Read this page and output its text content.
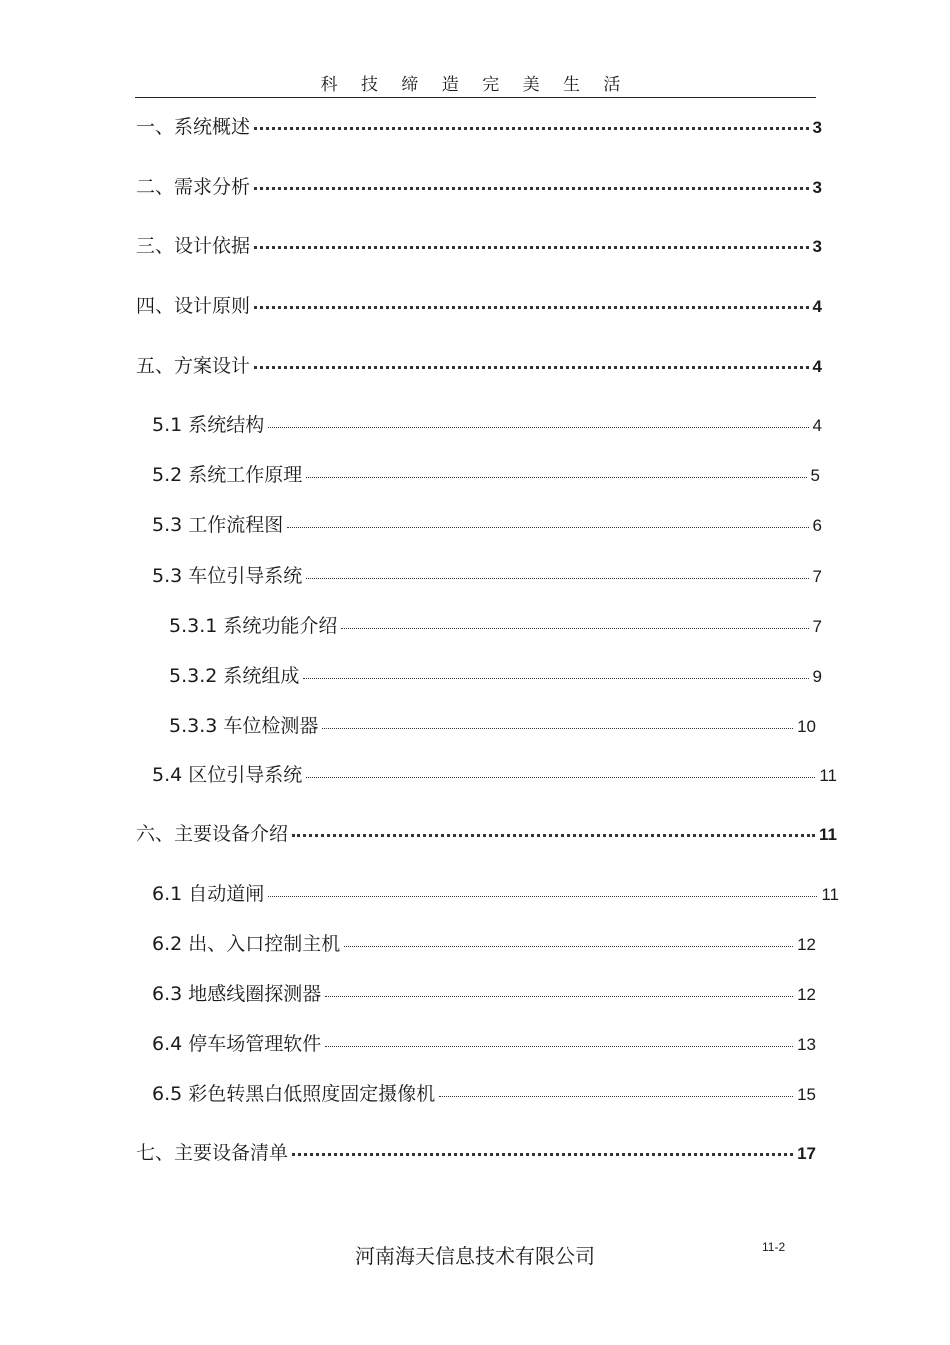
科 技 缔 造 完 美 生 活
一、系统概述	3
二、需求分析	3
三、设计依据	3
四、设计原则	4
五、方案设计	4
5.1 系统结构	4
5.2 系统工作原理	5
5.3 工作流程图	6
5.3 车位引导系统	7
5.3.1 系统功能介绍	7
5.3.2 系统组成	9
5.3.3 车位检测器	10
5.4 区位引导系统	11
六、主要设备介绍	11
6.1 自动道闸	11
6.2 出、入口控制主机	12
6.3 地感线圈探测器	12
6.4 停车场管理软件	13
6.5 彩色转黑白低照度固定摄像机	15
七、主要设备清单	17
河南海天信息技术有限公司	11-2
